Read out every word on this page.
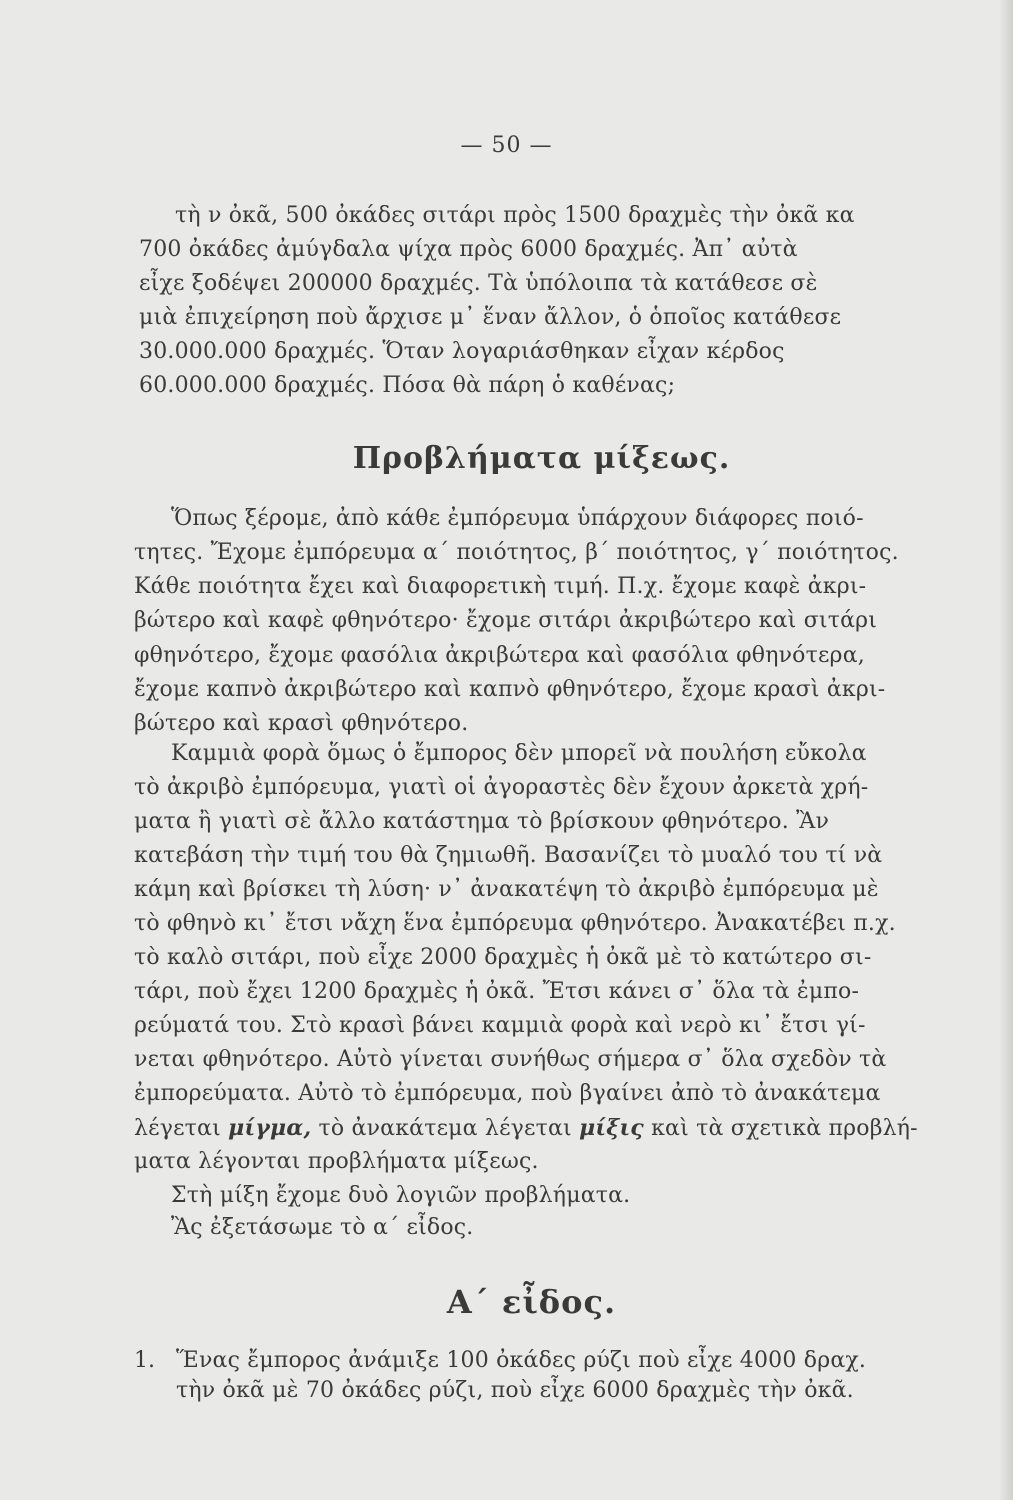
— 50 —
τὴ ν ὀκᾶ, 500 ὀκάδες σιτάρι πρὸς 1500 δραχμὲς τὴν ὀκᾶ κα
700 ὀκάδες ἀμύγδαλα ψίχα πρὸς 6000 δραχμές. Ἀπ᾽ αὐτὰ
εἶχε ξοδέψει 200000 δραχμές. Τὰ ὑπόλοιπα τὰ κατάθεσε σὲ
μιὰ ἐπιχείρηση ποὺ ἄρχισε μ᾽ ἕναν ἄλλον, ὁ ὁποῖος κατάθεσε
30.000.000 δραχμές. Ὅταν λογαριάσθηκαν εἶχαν κέρδος
60.000.000 δραχμές. Πόσα θὰ πάρη ὁ καθένας;
Προβλήματα μίξεως.
Ὅπως ξέρομε, ἀπὸ κάθε ἐμπόρευμα ὑπάρχουν διάφορες ποιό-
τητες. Ἔχομε ἐμπόρευμα α΄ ποιότητος, β΄ ποιότητος, γ΄ ποιότητος.
Κάθε ποιότητα ἔχει καὶ διαφορετικὴ τιμή. Π.χ. ἔχομε καφὲ ἀκρι-
βώτερο καὶ καφὲ φθηνότερο· ἔχομε σιτάρι ἀκριβώτερο καὶ σιτάρι
φθηνότερο, ἔχομε φασόλια ἀκριβώτερα καὶ φασόλια φθηνότερα,
ἔχομε καπνὸ ἀκριβώτερο καὶ καπνὸ φθηνότερο, ἔχομε κρασὶ ἀκρι-
βώτερο καὶ κρασὶ φθηνότερο.
Καμμιὰ φορὰ ὅμως ὁ ἔμπορος δὲν μπορεῖ νὰ πουλήση εὔκολα
τὸ ἀκριβὸ ἐμπόρευμα, γιατὶ οἱ ἀγοραστὲς δὲν ἔχουν ἀρκετὰ χρή-
ματα ἢ γιατὶ σὲ ἄλλο κατάστημα τὸ βρίσκουν φθηνότερο. Ἂν
κατεβάση τὴν τιμή του θὰ ζημιωθῆ. Βασανίζει τὸ μυαλό του τί νὰ
κάμη καὶ βρίσκει τὴ λύση· ν᾽ ἀνακατέψη τὸ ἀκριβὸ ἐμπόρευμα μὲ
τὸ φθηνὸ κι᾽ ἔτσι νἄχη ἕνα ἐμπόρευμα φθηνότερο. Ἀνακατέβει π.χ.
τὸ καλὸ σιτάρι, ποὺ εἶχε 2000 δραχμὲς ἡ ὀκᾶ μὲ τὸ κατώτερο σι-
τάρι, ποὺ ἔχει 1200 δραχμὲς ἡ ὀκᾶ. Ἔτσι κάνει σ᾽ ὅλα τὰ ἐμπο-
ρεύματά του. Στὸ κρασὶ βάνει καμμιὰ φορὰ καὶ νερὸ κι᾽ ἔτσι γί-
νεται φθηνότερο. Αὐτὸ γίνεται συνήθως σήμερα σ᾽ ὅλα σχεδὸν τὰ
ἐμπορεύματα. Αὐτὸ τὸ ἐμπόρευμα, ποὺ βγαίνει ἀπὸ τὸ ἀνακάτεμα
λέγεται μίγμα, τὸ ἀνακάτεμα λέγεται μίξις καὶ τὰ σχετικὰ προβλή-
ματα λέγονται προβλήματα μίξεως.
Στὴ μίξη ἔχομε δυὸ λογιῶν προβλήματα.
Ἂς ἐξετάσωμε τὸ α΄ εἶδος.
Α΄ εἶδος.
1. Ἕνας ἔμπορος ἀνάμιξε 100 ὀκάδες ρύζι ποὺ εἶχε 4000 δραχ.
τὴν ὀκᾶ μὲ 70 ὀκάδες ρύζι, ποὺ εἶχε 6000 δραχμὲς τὴν ὀκᾶ.
